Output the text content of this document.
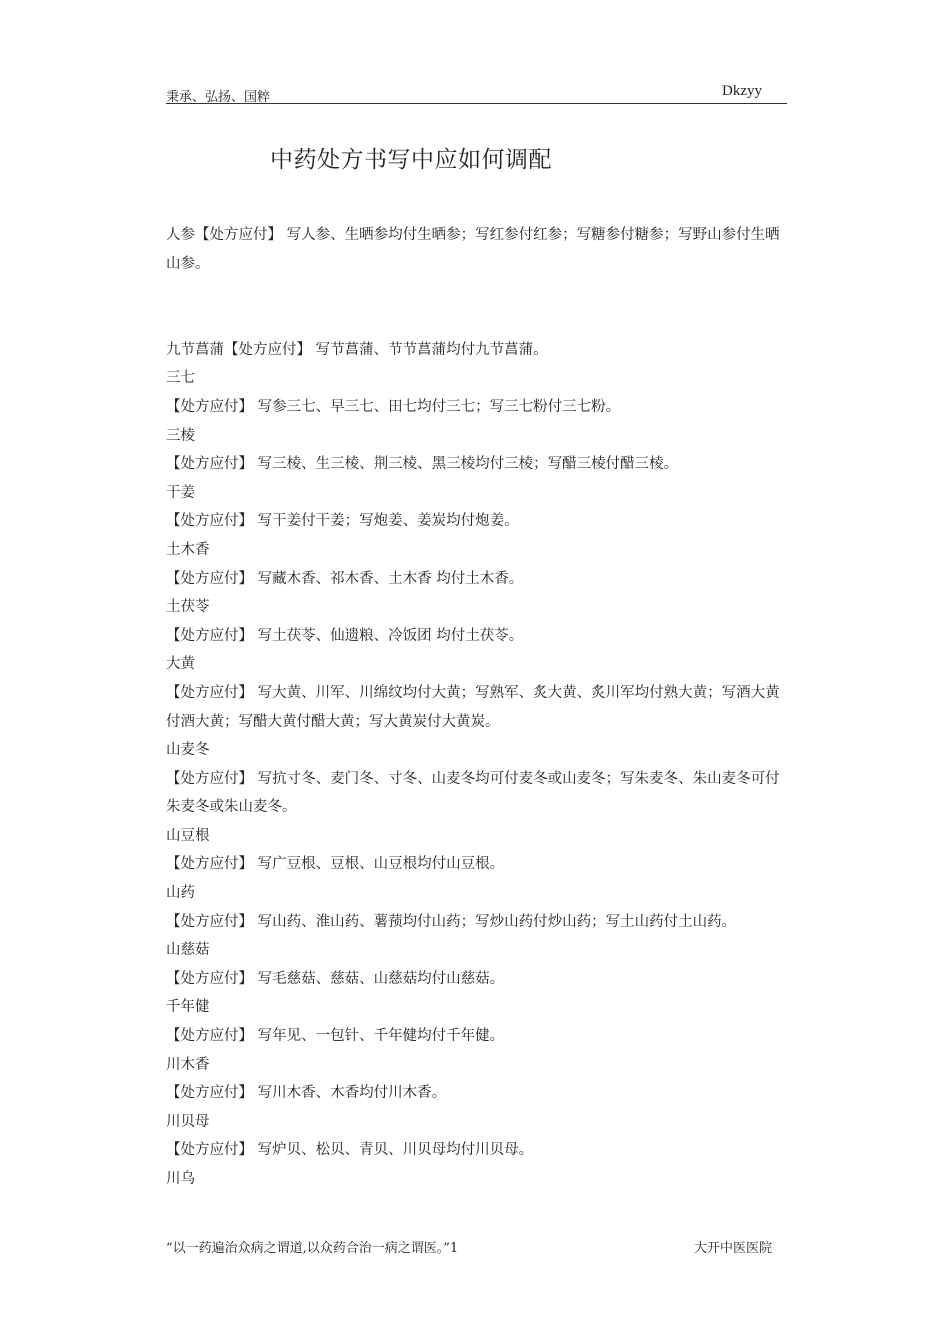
秉承、弘扬、国粹	Dkzyy
中药处方书写中应如何调配

人参【处方应付】 写人参、生晒参均付生晒参；写红参付红参；写糖参付糖参；写野山参付生晒山参。

九节菖蒲【处方应付】 写节菖蒲、节节菖蒲均付九节菖蒲。

三七

【处方应付】 写参三七、早三七、田七均付三七；写三七粉付三七粉。

三棱

【处方应付】 写三棱、生三棱、荆三棱、黑三棱均付三棱；写醋三棱付醋三棱。

干姜

【处方应付】 写干姜付干姜；写炮姜、姜炭均付炮姜。

土木香

【处方应付】 写藏木香、祁木香、土木香 均付土木香。

土茯苓

【处方应付】 写土茯苓、仙遗粮、冷饭团 均付土茯苓。

大黄

【处方应付】 写大黄、川军、川绵纹均付大黄；写熟军、炙大黄、炙川军均付熟大黄；写酒大黄付酒大黄；写醋大黄付醋大黄；写大黄炭付大黄炭。

山麦冬

【处方应付】 写抗寸冬、麦门冬、寸冬、山麦冬均可付麦冬或山麦冬；写朱麦冬、朱山麦冬可付朱麦冬或朱山麦冬。

山豆根

【处方应付】 写广豆根、豆根、山豆根均付山豆根。

山药

【处方应付】 写山药、淮山药、薯蓣均付山药；写炒山药付炒山药；写土山药付土山药。

山慈菇

【处方应付】 写毛慈菇、慈菇、山慈菇均付山慈菇。

千年健

【处方应付】 写年见、一包针、千年健均付千年健。

川木香

【处方应付】 写川木香、木香均付川木香。

川贝母

【处方应付】 写炉贝、松贝、青贝、川贝母均付川贝母。

川乌

“以一药遍治众病之谓道,以众药合治一病之谓医。”1	大开中医医院
